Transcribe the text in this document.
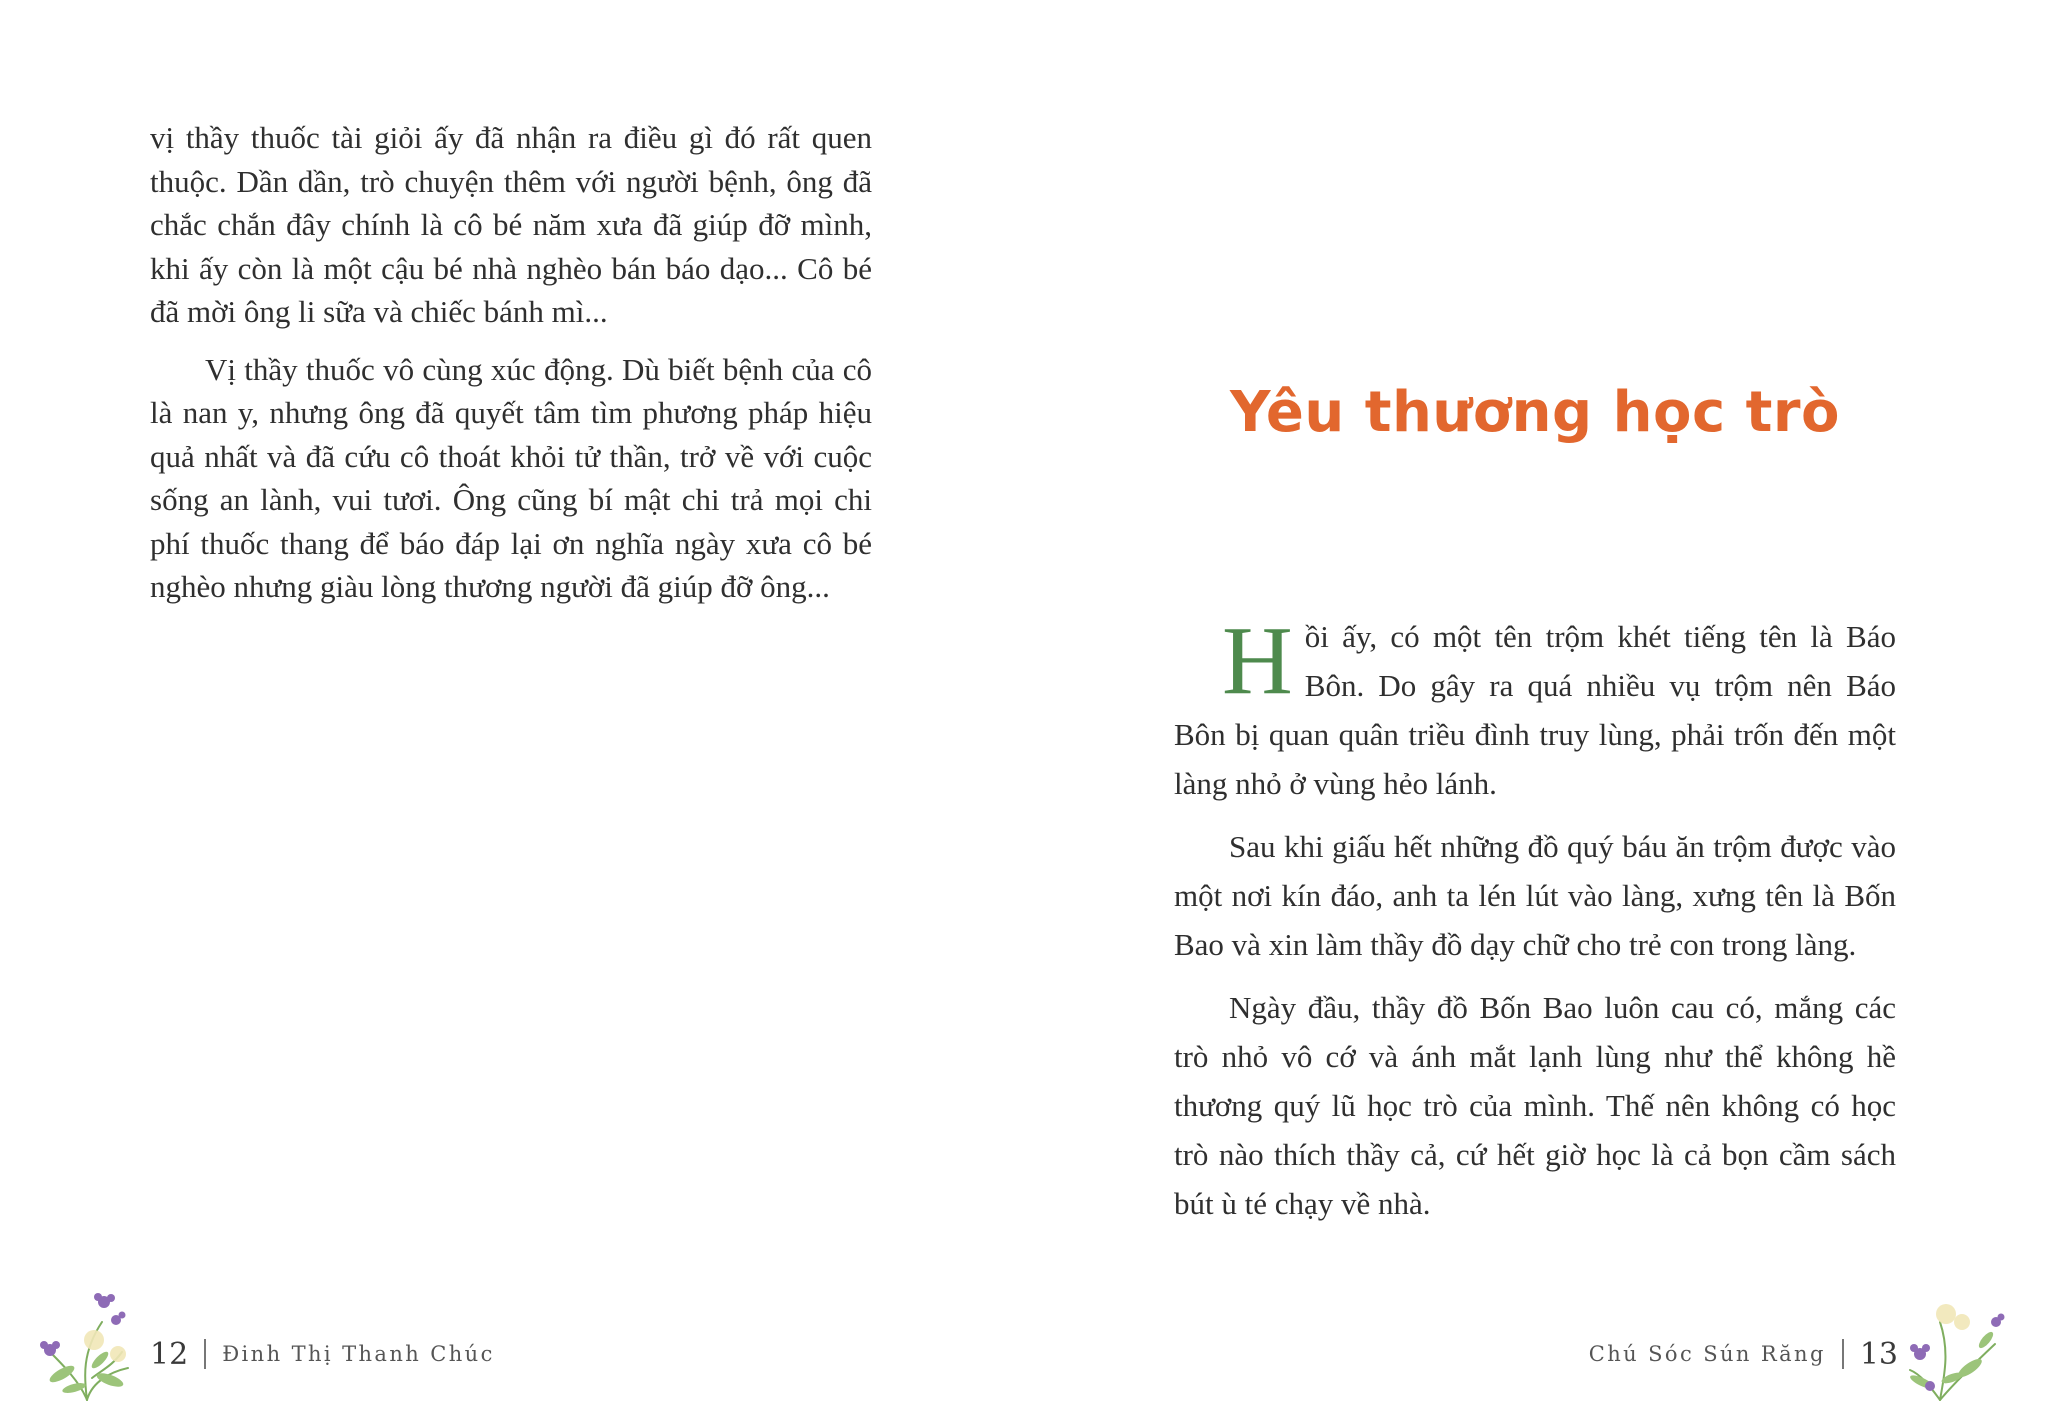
vị thầy thuốc tài giỏi ấy đã nhận ra điều gì đó rất quen thuộc. Dần dần, trò chuyện thêm với người bệnh, ông đã chắc chắn đây chính là cô bé năm xưa đã giúp đỡ mình, khi ấy còn là một cậu bé nhà nghèo bán báo dạo... Cô bé đã mời ông li sữa và chiếc bánh mì...

Vị thầy thuốc vô cùng xúc động. Dù biết bệnh của cô là nan y, nhưng ông đã quyết tâm tìm phương pháp hiệu quả nhất và đã cứu cô thoát khỏi tử thần, trở về với cuộc sống an lành, vui tươi. Ông cũng bí mật chi trả mọi chi phí thuốc thang để báo đáp lại ơn nghĩa ngày xưa cô bé nghèo nhưng giàu lòng thương người đã giúp đỡ ông...

Yêu thương học trò

Hồi ấy, có một tên trộm khét tiếng tên là Báo Bôn. Do gây ra quá nhiều vụ trộm nên Báo Bôn bị quan quân triều đình truy lùng, phải trốn đến một làng nhỏ ở vùng hẻo lánh.

Sau khi giấu hết những đồ quý báu ăn trộm được vào một nơi kín đáo, anh ta lén lút vào làng, xưng tên là Bốn Bao và xin làm thầy đồ dạy chữ cho trẻ con trong làng.

Ngày đầu, thầy đồ Bốn Bao luôn cau có, mắng các trò nhỏ vô cớ và ánh mắt lạnh lùng như thể không hề thương quý lũ học trò của mình. Thế nên không có học trò nào thích thầy cả, cứ hết giờ học là cả bọn cầm sách bút ù té chạy về nhà.

12 Đinh Thị Thanh Chúc	Chú Sóc Sún Răng 13
